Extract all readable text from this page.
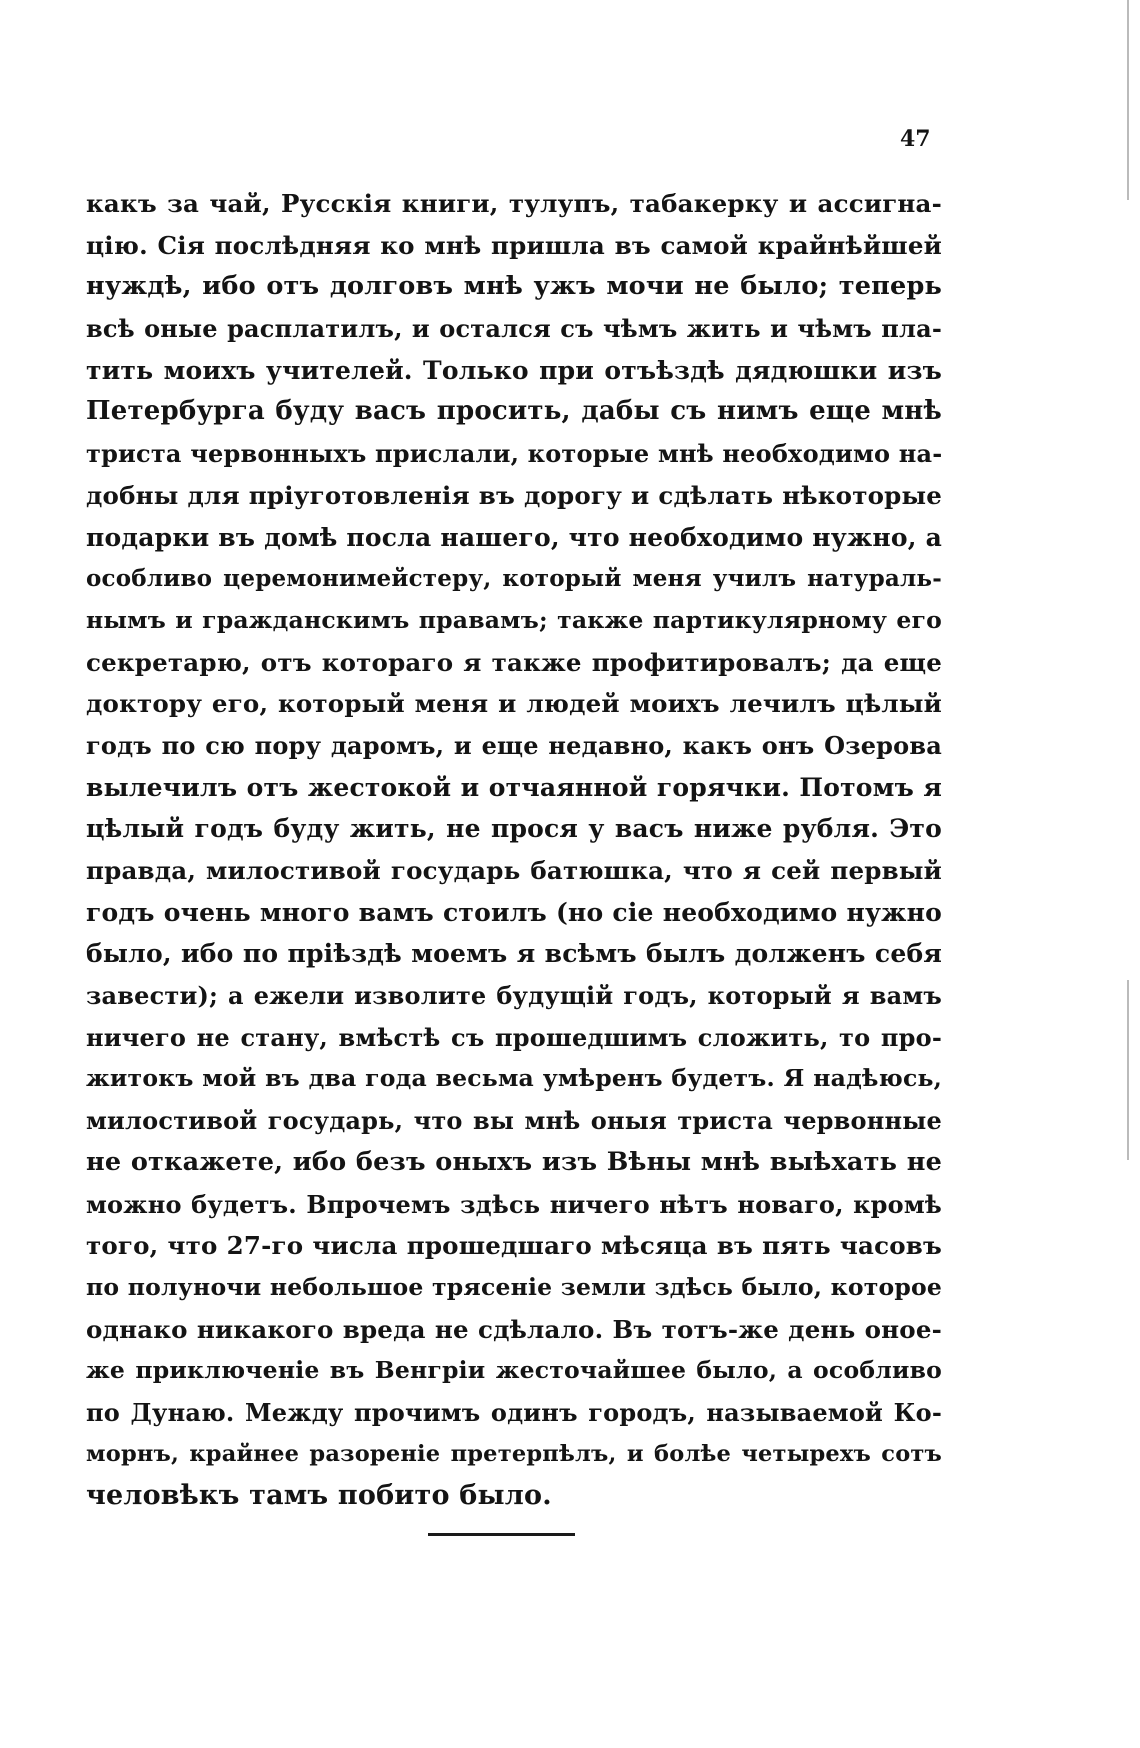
47
какъ за чай, Русскія книги, тулупъ, табакерку и ассигна-
цію. Сія послѣдняя ко мнѣ пришла въ самой крайнѣйшей
нуждѣ, ибо отъ долговъ мнѣ ужъ мочи не было; теперь
всѣ оные расплатилъ, и остался съ чѣмъ жить и чѣмъ пла-
тить моихъ учителей. Только при отъѣздѣ дядюшки изъ
Петербурга буду васъ просить, дабы съ нимъ еще мнѣ
триста червонныхъ прислали, которые мнѣ необходимо на-
добны для пріуготовленія въ дорогу и сдѣлать нѣкоторые
подарки въ домѣ посла нашего, что необходимо нужно, а
особливо церемонимейстеру, который меня училъ натураль-
нымъ и гражданскимъ правамъ; также партикулярному его
секретарю, отъ котораго я также профитировалъ; да еще
доктору его, который меня и людей моихъ лечилъ цѣлый
годъ по сю пору даромъ, и еще недавно, какъ онъ Озерова
вылечилъ отъ жестокой и отчаянной горячки. Потомъ я
цѣлый годъ буду жить, не прося у васъ ниже рубля. Это
правда, милостивой государь батюшка, что я сей первый
годъ очень много вамъ стоилъ (но сіе необходимо нужно
было, ибо по пріѣздѣ моемъ я всѣмъ былъ долженъ себя
завести); а ежели изволите будущій годъ, который я вамъ
ничего не стану, вмѣстѣ съ прошедшимъ сложить, то про-
житокъ мой въ два года весьма умѣренъ будетъ. Я надѣюсь,
милостивой государь, что вы мнѣ оныя триста червонные
не откажете, ибо безъ оныхъ изъ Вѣны мнѣ выѣхать не
можно будетъ. Впрочемъ здѣсь ничего нѣтъ новаго, кромѣ
того, что 27-го числа прошедшаго мѣсяца въ пять часовъ
по полуночи небольшое трясеніе земли здѣсь было, которое
однако никакого вреда не сдѣлало. Въ тотъ-же день оное-
же приключеніе въ Венгріи жесточайшее было, а особливо
по Дунаю. Между прочимъ одинъ городъ, называемой Ко-
морнъ, крайнее разореніе претерпѣлъ, и болѣе четырехъ сотъ
человѣкъ тамъ побито было.
